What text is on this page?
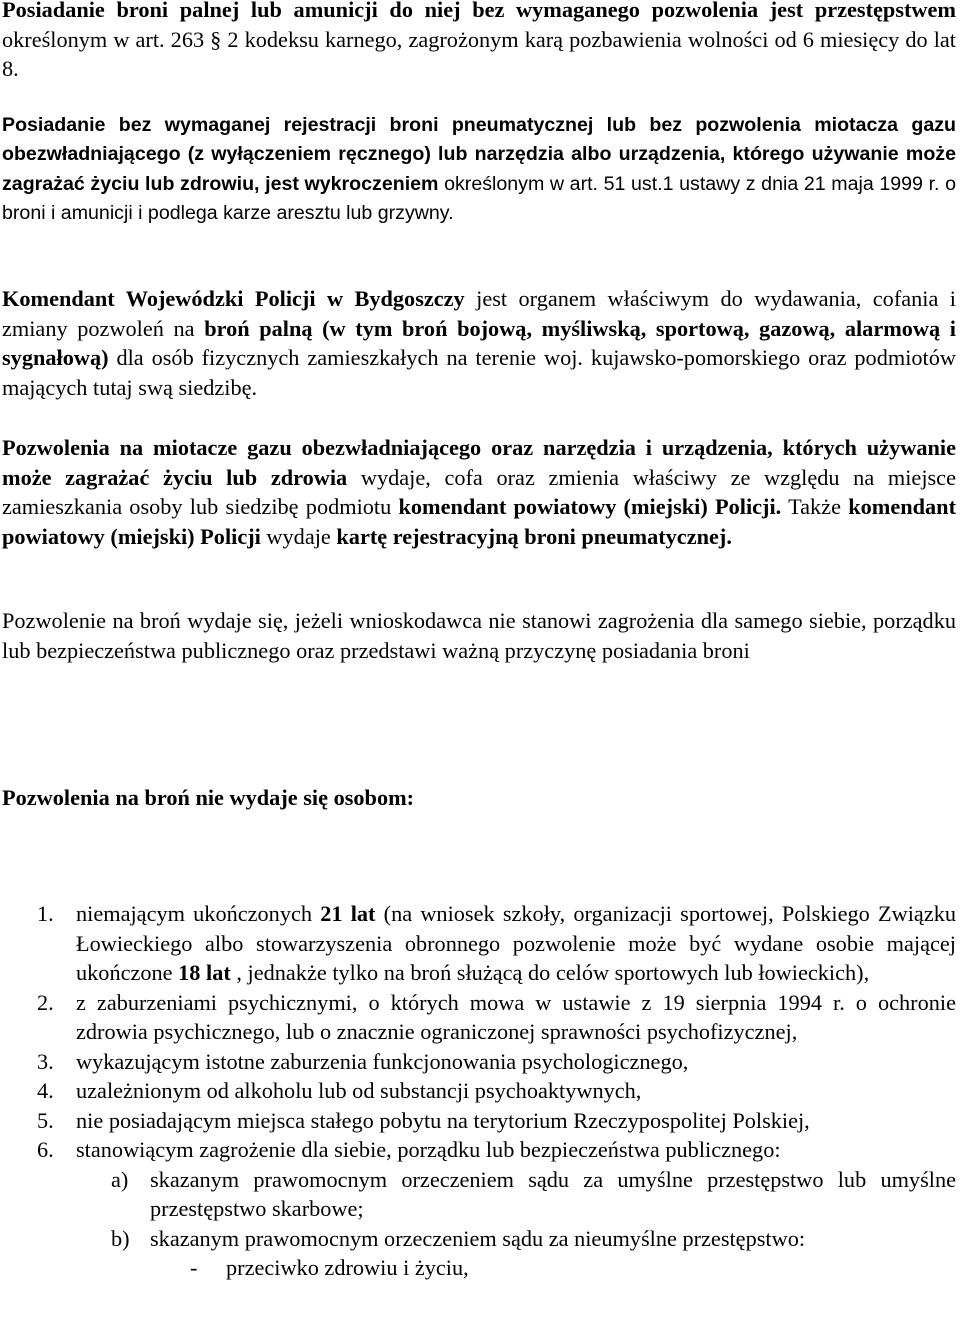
Posiadanie broni palnej lub amunicji do niej bez wymaganego pozwolenia jest przestępstwem określonym w art. 263 § 2 kodeksu karnego, zagrożonym karą pozbawienia wolności od 6 miesięcy do lat 8.

Posiadanie bez wymaganej rejestracji broni pneumatycznej lub bez pozwolenia miotacza gazu obezwładniającego (z wyłączeniem ręcznego) lub narzędzia albo urządzenia, którego używanie może zagrażać życiu lub zdrowiu, jest wykroczeniem określonym w art. 51 ust.1 ustawy z dnia 21 maja 1999 r. o broni i amunicji i podlega karze aresztu lub grzywny.

Komendant Wojewódzki Policji w Bydgoszczy jest organem właściwym do wydawania, cofania i zmiany pozwoleń na broń palną (w tym broń bojową, myśliwską, sportową, gazową, alarmową i sygnałową) dla osób fizycznych zamieszkałych na terenie woj. kujawsko-pomorskiego oraz podmiotów mających tutaj swą siedzibę.

Pozwolenia na miotacze gazu obezwładniającego oraz narzędzia i urządzenia, których używanie może zagrażać życiu lub zdrowia wydaje, cofa oraz zmienia właściwy ze względu na miejsce zamieszkania osoby lub siedzibę podmiotu komendant powiatowy (miejski) Policji. Także komendant powiatowy (miejski) Policji wydaje kartę rejestracyjną broni pneumatycznej.

Pozwolenie na broń wydaje się, jeżeli wnioskodawca nie stanowi zagrożenia dla samego siebie, porządku lub bezpieczeństwa publicznego oraz przedstawi ważną przyczynę posiadania broni

Pozwolenia na broń nie wydaje się osobom:
1. niemającym ukończonych 21 lat (na wniosek szkoły, organizacji sportowej, Polskiego Związku Łowieckiego albo stowarzyszenia obronnego pozwolenie może być wydane osobie mającej ukończone 18 lat , jednakże tylko na broń służącą do celów sportowych lub łowieckich),
2. z zaburzeniami psychicznymi, o których mowa w ustawie z 19 sierpnia 1994 r. o ochronie zdrowia psychicznego, lub o znacznie ograniczonej sprawności psychofizycznej,
3. wykazującym istotne zaburzenia funkcjonowania psychologicznego,
4. uzależnionym od alkoholu lub od substancji psychoaktywnych,
5. nie posiadającym miejsca stałego pobytu na terytorium Rzeczypospolitej Polskiej,
6. stanowiącym zagrożenie dla siebie, porządku lub bezpieczeństwa publicznego:
a) skazanym prawomocnym orzeczeniem sądu za umyślne przestępstwo lub umyślne przestępstwo skarbowe;
b) skazanym prawomocnym orzeczeniem sądu za nieumyślne przestępstwo:
- przeciwko zdrowiu i życiu,
